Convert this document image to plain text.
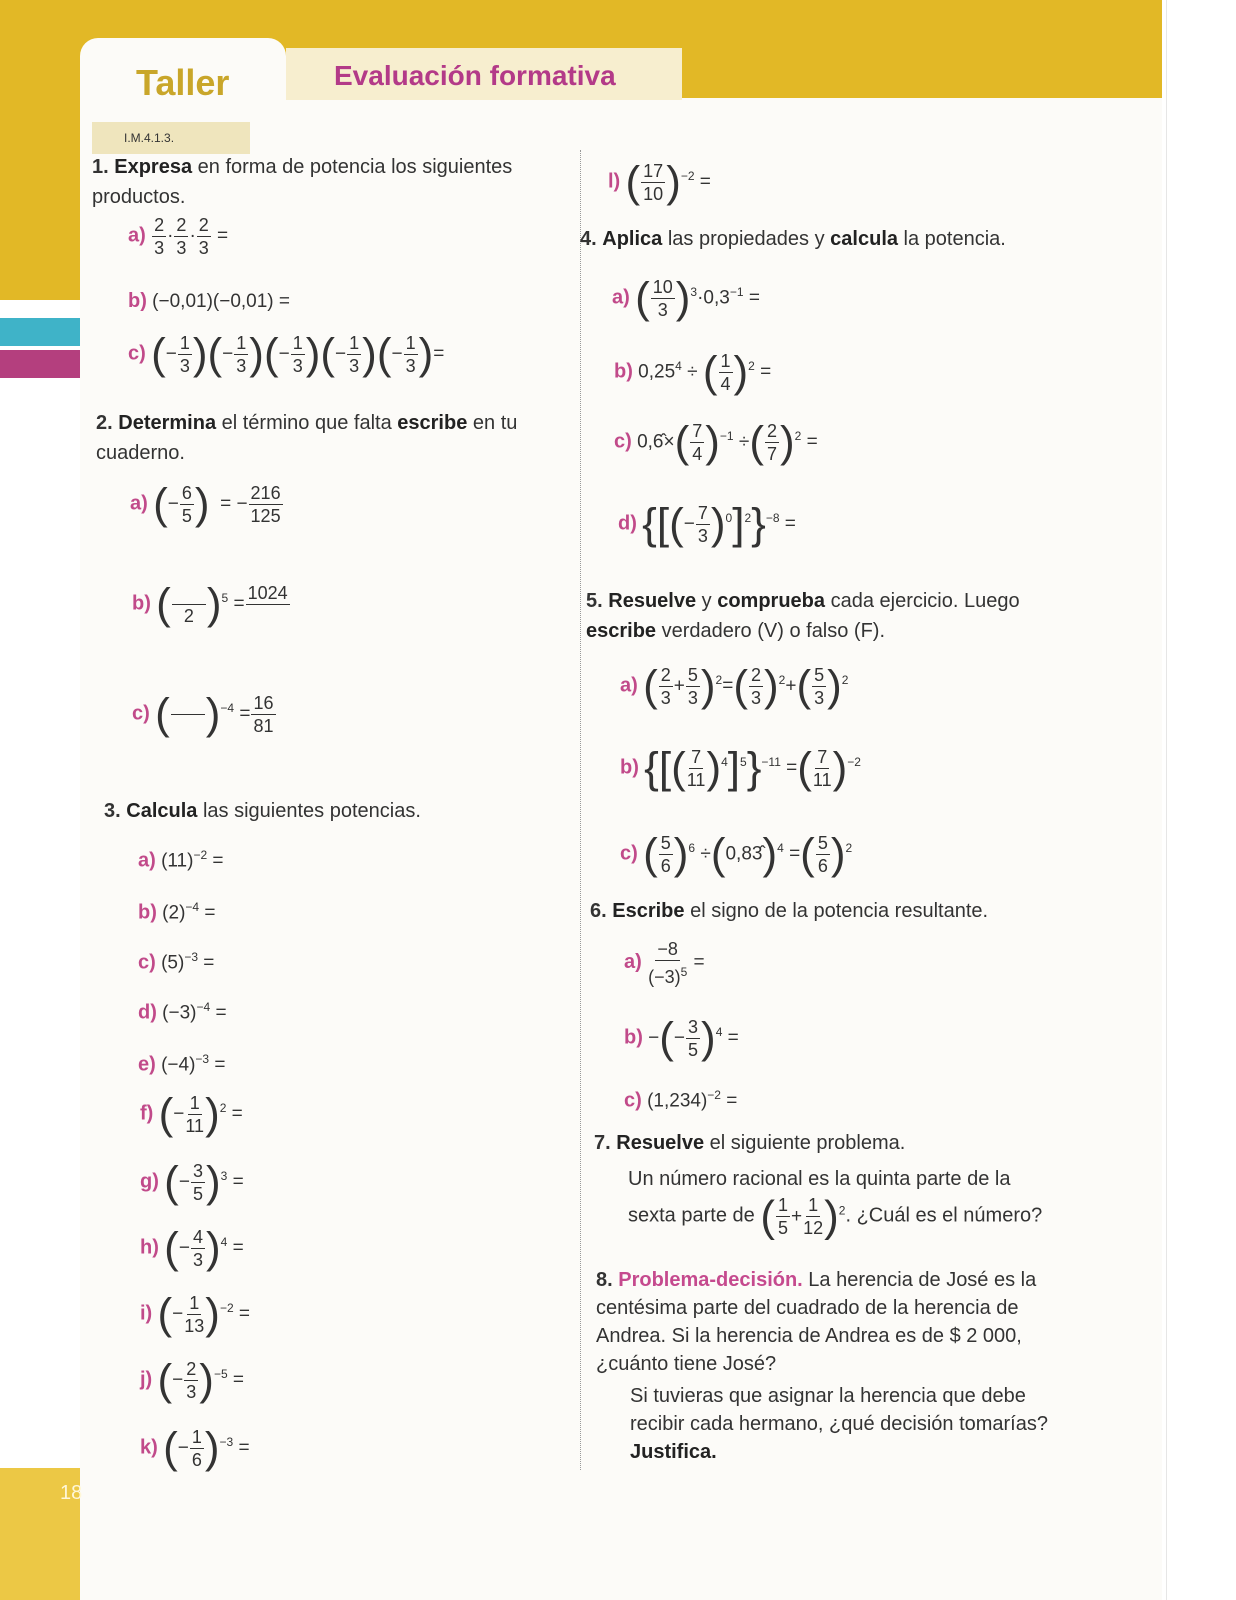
18
Taller	Evaluación formativa
I.M.4.1.3.
1. Expresa en forma de potencia los siguientes productos.
$a) \frac{2}{3} \cdot \frac{2}{3} \cdot \frac{2}{3}$ =
b) (−0,01)(−0,01) =
c) (− $\frac{1}{3}$ )(− $\frac{1}{3}$ )(− $\frac{1}{3}$ )(− $\frac{1}{3}$ )(− $\frac{1}{3}$ )=
2. Determina el término que falta escribe en tu cuaderno.
a) (− $\frac{6}{5}$ )  = − $\frac{216}{125}$
b) (
2 )$^5$ =
1024

c) (

)$^{-4} = \frac{16}{81}$
3. Calcula las siguientes potencias.
a) $(11)^{-2}$ =
b) $(2)^{-4}$ =
c) $(5)^{-3}$ =
d) $(-3)^{-4}$ =
e) $(-4)^{-3}$ =
f) (− $\frac{1}{11} )^2$ =
g) (− $\frac{3}{5} )^3$ =
h) (− $\frac{4}{3} )^4$ =
i) (− $\frac{1}{13} )^{-2}$ =
j) (− $\frac{2}{3} )^{-5}$ =
k) (− $\frac{1}{6} )^{-3}$ =
l) ( $\frac{17}{10} )^{-2}$ =
4. Aplica las propiedades y calcula la potencia.
a) ( $\frac{10}{3} )^3\cdot 0,3^{-1}$ =
b) $0,25^4$ ÷ ( $\frac{1}{4} )^2$ =
c) 0,6̂×( $\frac{7}{4} )^{-1}$ ÷( $\frac{2}{7} )^2$ =
d) {[(− $\frac{7}{3} )^0]^2\}^{-8}$ =
5. Resuelve y comprueba cada ejercicio. Luego escribe verdadero (V) o falso (F).
a) ( $\frac{2}{3} + \frac{5}{3} )^2=( \frac{2}{3} )^2+( \frac{5}{3} )^2$
b) {[( $\frac{7}{11} )^4]^5\}^{-11}$ =( $\frac{7}{11} )^{-2}$
c) ( $\frac{5}{6} )^6$ ÷(0,83̂)$^4$ =( $\frac{5}{6} )^2$
6. Escribe el signo de la potencia resultante.
$a) \frac{-8}{(-3)^5}$ =
b) −(− $\frac{3}{5} )^4$ =
c) $(1,234)^{-2}$ =
7. Resuelve el siguiente problema.
Un número racional es la quinta parte de la sexta parte de ( $\frac{1}{5} + \frac{1}{12} )^2$. ¿Cuál es el número?
8. Problema-decisión. La herencia de José es la centésima parte del cuadrado de la herencia de Andrea. Si la herencia de Andrea es de $ 2 000, ¿cuánto tiene José?
Si tuvieras que asignar la herencia que debe recibir cada hermano, ¿qué decisión tomarías? Justifica.
